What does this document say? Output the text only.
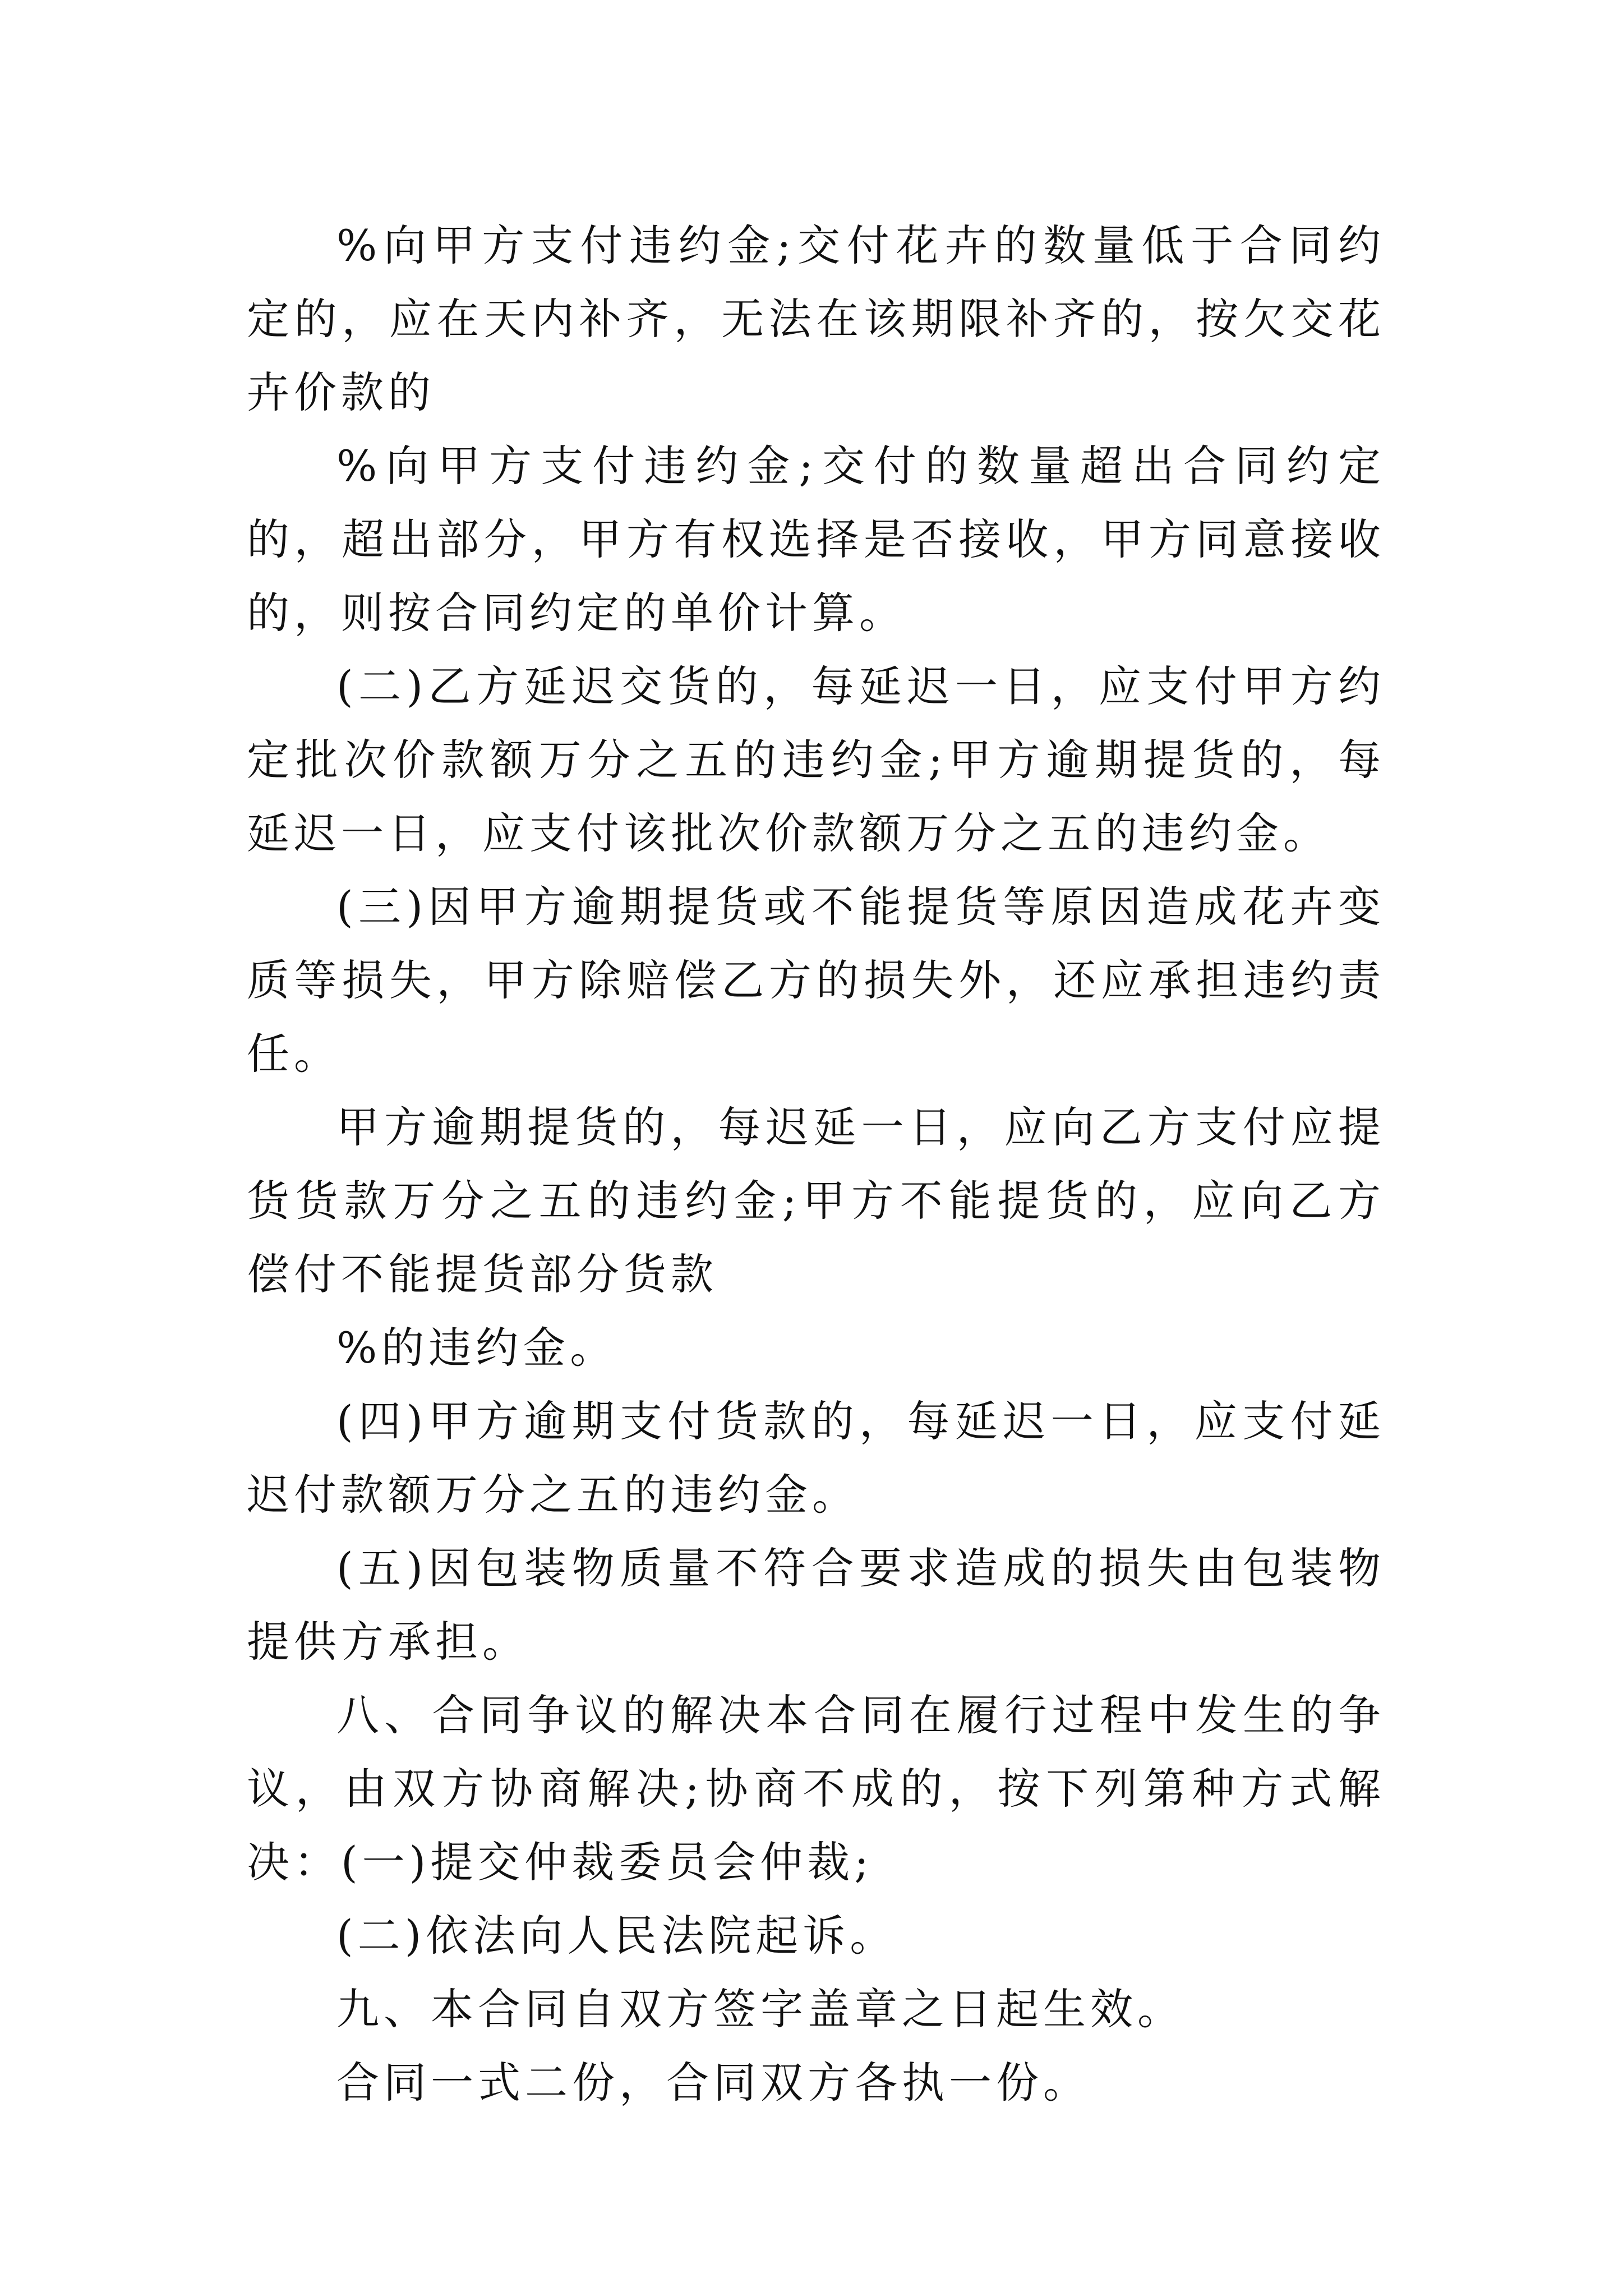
%向甲方支付违约金;交付花卉的数量低于合同约定的，应在天内补齐，无法在该期限补齐的，按欠交花卉价款的

%向甲方支付违约金;交付的数量超出合同约定的，超出部分，甲方有权选择是否接收，甲方同意接收的，则按合同约定的单价计算。

(二)乙方延迟交货的，每延迟一日，应支付甲方约定批次价款额万分之五的违约金;甲方逾期提货的，每延迟一日，应支付该批次价款额万分之五的违约金。

(三)因甲方逾期提货或不能提货等原因造成花卉变质等损失，甲方除赔偿乙方的损失外，还应承担违约责任。

甲方逾期提货的，每迟延一日，应向乙方支付应提货货款万分之五的违约金;甲方不能提货的，应向乙方偿付不能提货部分货款

%的违约金。

(四)甲方逾期支付货款的，每延迟一日，应支付延迟付款额万分之五的违约金。

(五)因包装物质量不符合要求造成的损失由包装物提供方承担。

八、合同争议的解决本合同在履行过程中发生的争议，由双方协商解决;协商不成的，按下列第种方式解决：(一)提交仲裁委员会仲裁;

(二)依法向人民法院起诉。

九、本合同自双方签字盖章之日起生效。

合同一式二份，合同双方各执一份。
